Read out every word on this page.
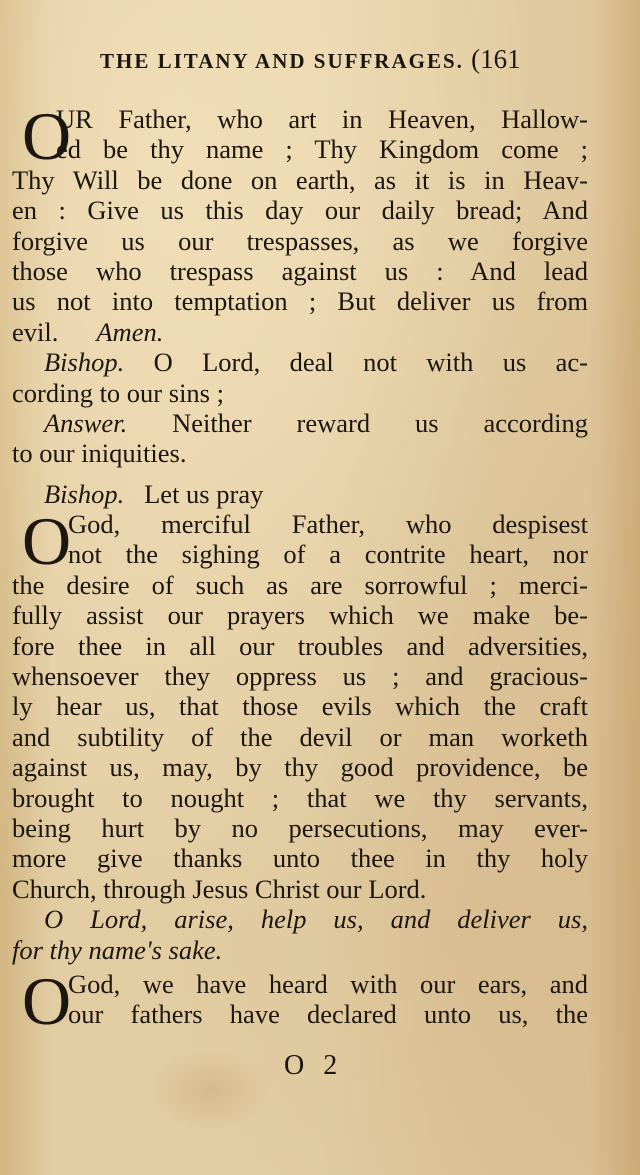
THE LITANY AND SUFFRAGES. (161
O
UR Father, who art in Heaven, Hallow-
ed be thy name ; Thy Kingdom come ;
Thy Will be done on earth, as it is in Heav-
en : Give us this day our daily bread; And
forgive us our trespasses, as we forgive
those who trespass against us : And lead
us not into temptation ; But deliver us from
evil. Amen.
Bishop. O Lord, deal not with us ac-
cording to our sins ;
Answer. Neither reward us according
to our iniquities.
Bishop. Let us pray
O
God, merciful Father, who despisest
not the sighing of a contrite heart, nor
the desire of such as are sorrowful ; merci-
fully assist our prayers which we make be-
fore thee in all our troubles and adversities,
whensoever they oppress us ; and gracious-
ly hear us, that those evils which the craft
and subtility of the devil or man worketh
against us, may, by thy good providence, be
brought to nought ; that we thy servants,
being hurt by no persecutions, may ever-
more give thanks unto thee in thy holy
Church, through Jesus Christ our Lord.
O Lord, arise, help us, and deliver us,
for thy name's sake.
O
God, we have heard with our ears, and
our fathers have declared unto us, the
O 2
